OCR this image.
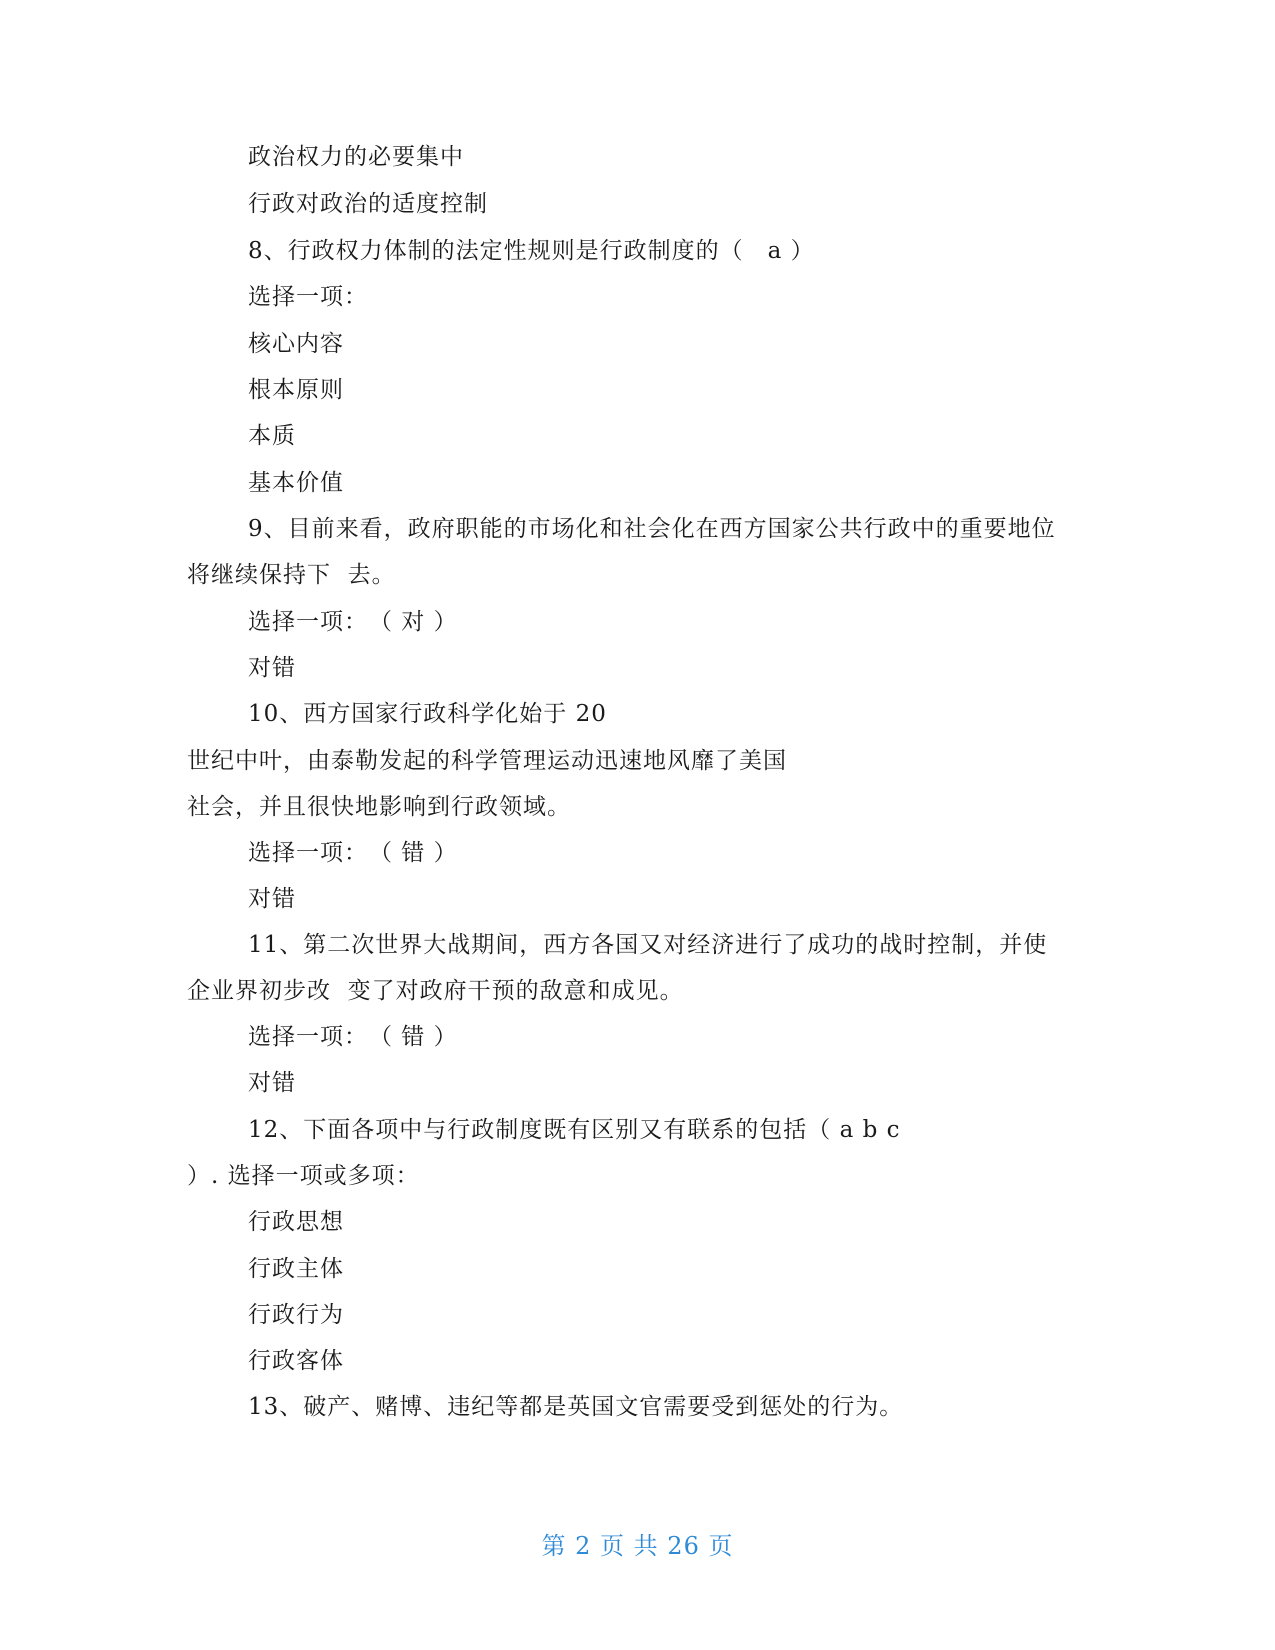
政治权力的必要集中
行政对政治的适度控制
8、行政权力体制的法定性规则是行政制度的（　a ）
选择一项：
核心内容
根本原则
本质
基本价值
9、目前来看，政府职能的市场化和社会化在西方国家公共行政中的重要地位
将继续保持下  去。
选择一项：　（ 对 ）
对错
10、西方国家行政科学化始于 20
世纪中叶，由泰勒发起的科学管理运动迅速地风靡了美国
社会，并且很快地影响到行政领域。
选择一项：　（ 错 ）
对错
11、第二次世界大战期间，西方各国又对经济进行了成功的战时控制，并使
企业界初步改  变了对政府干预的敌意和成见。
选择一项：　（ 错 ）
对错
12、下面各项中与行政制度既有区别又有联系的包括（ a b c
）. 选择一项或多项：
行政思想
行政主体
行政行为
行政客体
13、破产、赌博、违纪等都是英国文官需要受到惩处的行为。
第 2 页 共 26 页
